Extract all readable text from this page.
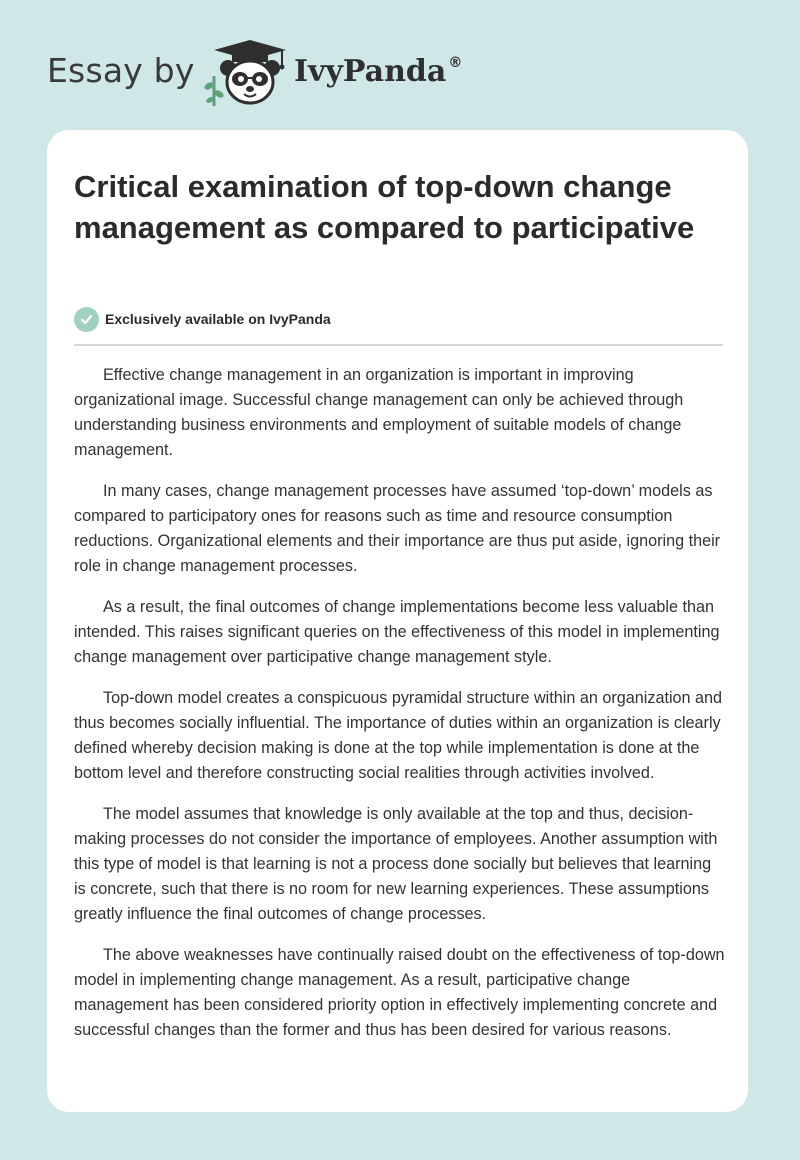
Essay by	IvyPanda ®
Critical examination of top-down change management as compared to participative
Exclusively available on IvyPanda

Effective change management in an organization is important in improving organizational image. Successful change management can only be achieved through understanding business environments and employment of suitable models of change management.

In many cases, change management processes have assumed ‘top-down’ models as compared to participatory ones for reasons such as time and resource consumption reductions. Organizational elements and their importance are thus put aside, ignoring their role in change management processes.

As a result, the final outcomes of change implementations become less valuable than intended. This raises significant queries on the effectiveness of this model in implementing change management over participative change management style.

Top-down model creates a conspicuous pyramidal structure within an organization and thus becomes socially influential. The importance of duties within an organization is clearly defined whereby decision making is done at the top while implementation is done at the bottom level and therefore constructing social realities through activities involved.

The model assumes that knowledge is only available at the top and thus, decision-making processes do not consider the importance of employees. Another assumption with this type of model is that learning is not a process done socially but believes that learning is concrete, such that there is no room for new learning experiences. These assumptions greatly influence the final outcomes of change processes.

The above weaknesses have continually raised doubt on the effectiveness of top-down model in implementing change management. As a result, participative change management has been considered priority option in effectively implementing concrete and successful changes than the former and thus has been desired for various reasons.
